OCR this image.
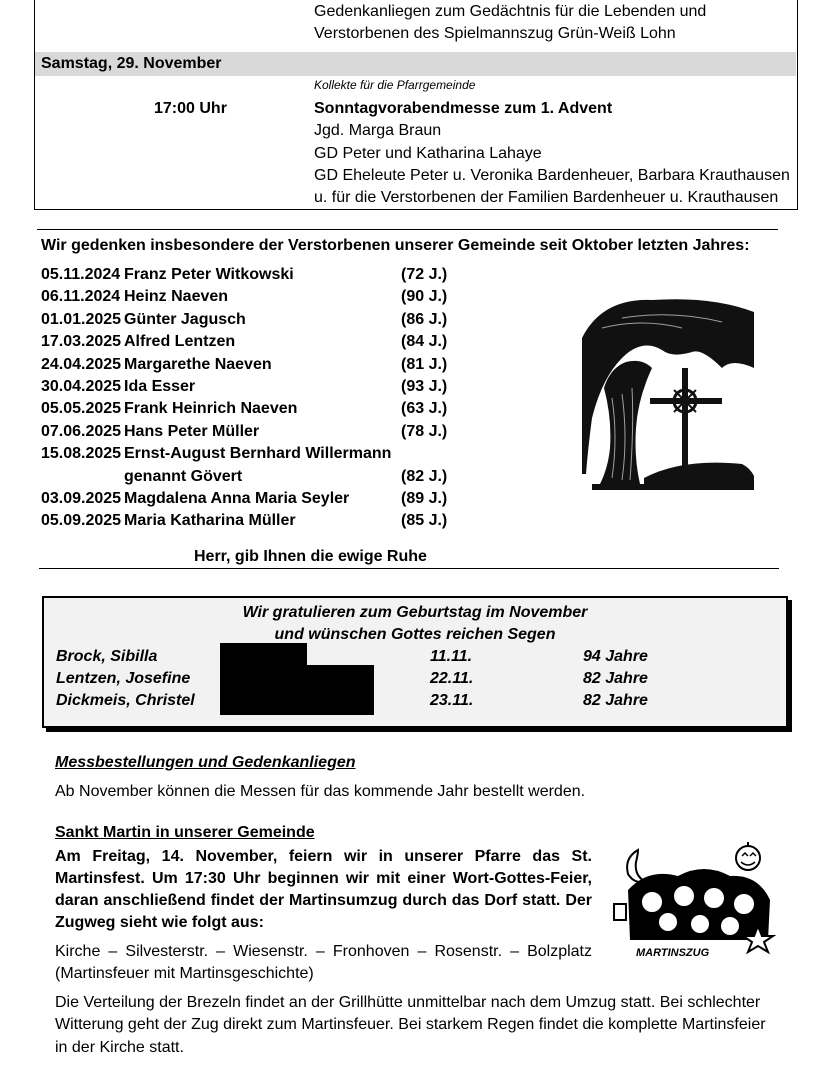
Gedenkanliegen zum Gedächtnis für die Lebenden und
Verstorbenen des Spielmannszug Grün-Weiß Lohn
Samstag, 29. November
Kollekte für die Pfarrgemeinde
17:00 Uhr	Sonntagvorabendmesse zum 1. Advent
Jgd. Marga Braun
GD Peter und Katharina Lahaye
GD Eheleute Peter u. Veronika Bardenheuer, Barbara Krauthausen
u. für die Verstorbenen der Familien Bardenheuer u. Krauthausen
Wir gedenken insbesondere der Verstorbenen unserer Gemeinde seit Oktober letzten Jahres:
05.11.2024 Franz Peter Witkowski	(72 J.)
06.11.2024 Heinz Naeven	(90 J.)
01.01.2025 Günter Jagusch	(86 J.)
17.03.2025 Alfred Lentzen	(84 J.)
24.04.2025 Margarethe Naeven	(81 J.)
30.04.2025 Ida Esser	(93 J.)
05.05.2025 Frank Heinrich Naeven	(63 J.)
07.06.2025 Hans Peter Müller	(78 J.)
15.08.2025 Ernst-August Bernhard Willermann
genannt Gövert	(82 J.)
03.09.2025 Magdalena Anna Maria Seyler	(89 J.)
05.09.2025 Maria Katharina Müller	(85 J.)
Herr, gib Ihnen die ewige Ruhe
Wir gratulieren zum Geburtstag im November
und wünschen Gottes reichen Segen
Brock, Sibilla	11.11.	94 Jahre
Lentzen, Josefine	22.11.	82 Jahre
Dickmeis, Christel	23.11.	82 Jahre
Messbestellungen und Gedenkanliegen
Ab November können die Messen für das kommende Jahr bestellt werden.
Sankt Martin in unserer Gemeinde
Am Freitag, 14. November, feiern wir in unserer Pfarre das St.
Martinsfest. Um 17:30 Uhr beginnen wir mit einer Wort-Gottes-Feier,
daran anschließend findet der Martinsumzug durch das Dorf statt. Der
Zugweg sieht wie folgt aus:
Kirche – Silvesterstr. – Wiesenstr. – Fronhoven – Rosenstr. – Bolzplatz
(Martinsfeuer mit Martinsgeschichte)
Die Verteilung der Brezeln findet an der Grillhütte unmittelbar nach dem Umzug statt. Bei schlechter
Witterung geht der Zug direkt zum Martinsfeuer. Bei starkem Regen findet die komplette Martinsfeier
in der Kirche statt.
MARTINSZUG
